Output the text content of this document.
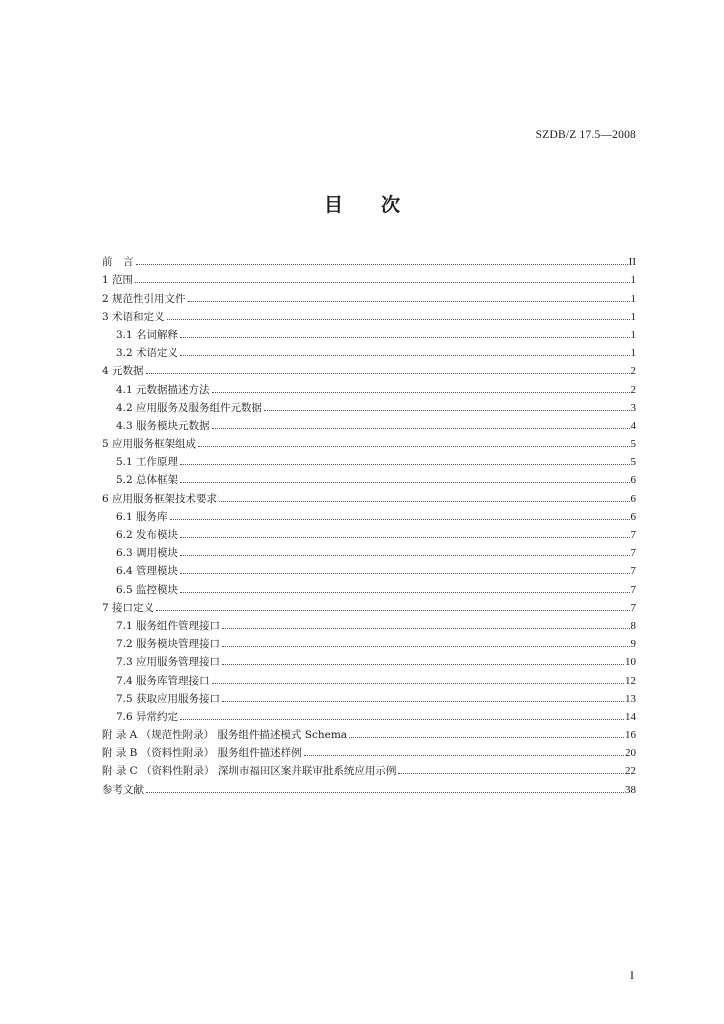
SZDB/Z 17.5—2008
目次
前　言	II
1 范围	1
2 规范性引用文件	1
3 术语和定义	1
3.1 名词解释	1
3.2 术语定义	1
4 元数据	2
4.1 元数据描述方法	2
4.2 应用服务及服务组件元数据	3
4.3 服务模块元数据	4
5 应用服务框架组成	5
5.1 工作原理	5
5.2 总体框架	6
6 应用服务框架技术要求	6
6.1 服务库	6
6.2 发布模块	7
6.3 调用模块	7
6.4 管理模块	7
6.5 监控模块	7
7 接口定义	7
7.1 服务组件管理接口	8
7.2 服务模块管理接口	9
7.3 应用服务管理接口	10
7.4 服务库管理接口	12
7.5 获取应用服务接口	13
7.6 异常约定	14
附 录 A （规范性附录） 服务组件描述模式 Schema	16
附 录 B （资料性附录） 服务组件描述样例	20
附 录 C （资料性附录） 深圳市福田区案并联审批系统应用示例	22
参考文献	38
I
